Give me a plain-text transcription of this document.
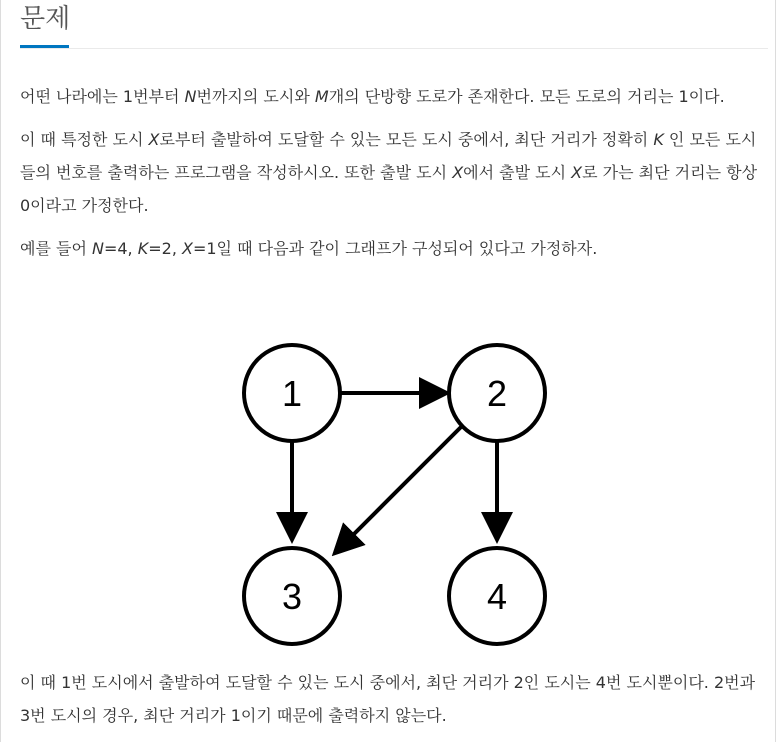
문제

어떤 나라에는 1번부터 N번까지의 도시와 M개의 단방향 도로가 존재한다. 모든 도로의 거리는 1이다.

이 때 특정한 도시 X로부터 출발하여 도달할 수 있는 모든 도시 중에서, 최단 거리가 정확히 K 인 모든 도시들의 번호를 출력하는 프로그램을 작성하시오. 또한 출발 도시 X에서 출발 도시 X로 가는 최단 거리는 항상 0이라고 가정한다.

예를 들어 N=4, K=2, X=1일 때 다음과 같이 그래프가 구성되어 있다고 가정하자.

1	2
3	4

이 때 1번 도시에서 출발하여 도달할 수 있는 도시 중에서, 최단 거리가 2인 도시는 4번 도시뿐이다. 2번과 3번 도시의 경우, 최단 거리가 1이기 때문에 출력하지 않는다.
